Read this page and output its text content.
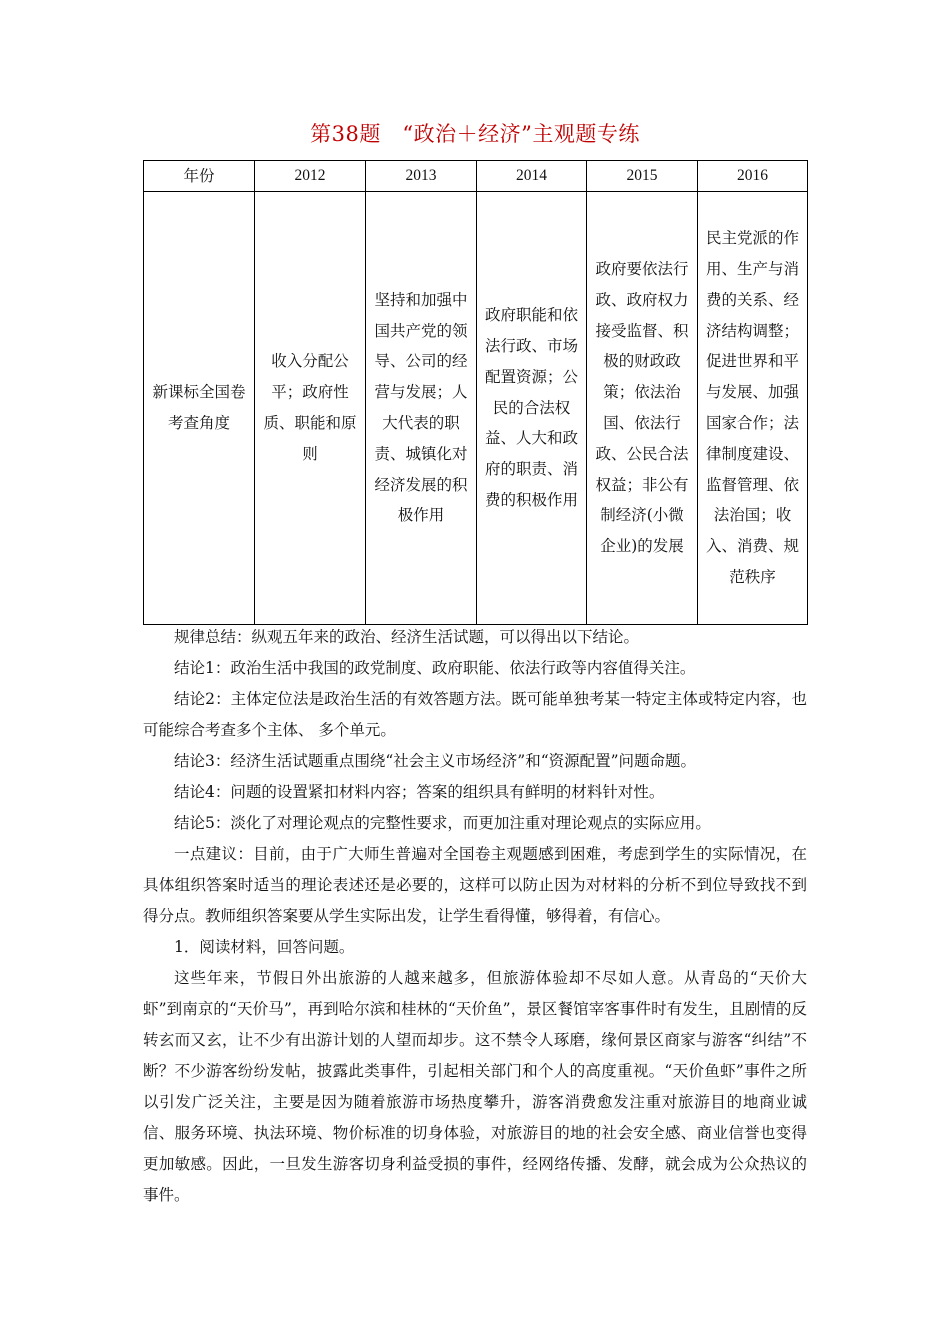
第38题　“政治＋经济”主观题专练
年份	2012	2013	2014	2015	2016
新课标全国卷考查角度	收入分配公平；政府性质、职能和原则	坚持和加强中国共产党的领导、公司的经营与发展；人大代表的职责、城镇化对经济发展的积极作用	政府职能和依法行政、市场配置资源；公民的合法权益、人大和政府的职责、消费的积极作用	政府要依法行政、政府权力接受监督、积极的财政政策；依法治国、依法行政、公民合法权益；非公有制经济(小微企业)的发展	民主党派的作用、生产与消费的关系、经济结构调整；促进世界和平与发展、加强国家合作；法律制度建设、监督管理、依法治国；收入、消费、规范秩序

规律总结：纵观五年来的政治、经济生活试题，可以得出以下结论。

结论1：政治生活中我国的政党制度、政府职能、依法行政等内容值得关注。

结论2：主体定位法是政治生活的有效答题方法。既可能单独考某一特定主体或特定内容，也可能综合考查多个主体、 多个单元。

结论3：经济生活试题重点围绕“社会主义市场经济”和“资源配置”问题命题。

结论4：问题的设置紧扣材料内容；答案的组织具有鲜明的材料针对性。

结论5：淡化了对理论观点的完整性要求，而更加注重对理论观点的实际应用。

一点建议：目前，由于广大师生普遍对全国卷主观题感到困难，考虑到学生的实际情况，在具体组织答案时适当的理论表述还是必要的，这样可以防止因为对材料的分析不到位导致找不到得分点。教师组织答案要从学生实际出发，让学生看得懂，够得着，有信心。

1．阅读材料，回答问题。

这些年来，节假日外出旅游的人越来越多，但旅游体验却不尽如人意。从青岛的“天价大虾”到南京的“天价马”，再到哈尔滨和桂林的“天价鱼”，景区餐馆宰客事件时有发生，且剧情的反转玄而又玄，让不少有出游计划的人望而却步。这不禁令人琢磨，缘何景区商家与游客“纠结”不断？不少游客纷纷发帖，披露此类事件，引起相关部门和个人的高度重视。“天价鱼虾”事件之所以引发广泛关注，主要是因为随着旅游市场热度攀升，游客消费愈发注重对旅游目的地商业诚信、服务环境、执法环境、物价标准的切身体验，对旅游目的地的社会安全感、商业信誉也变得更加敏感。因此，一旦发生游客切身利益受损的事件，经网络传播、发酵，就会成为公众热议的事件。
